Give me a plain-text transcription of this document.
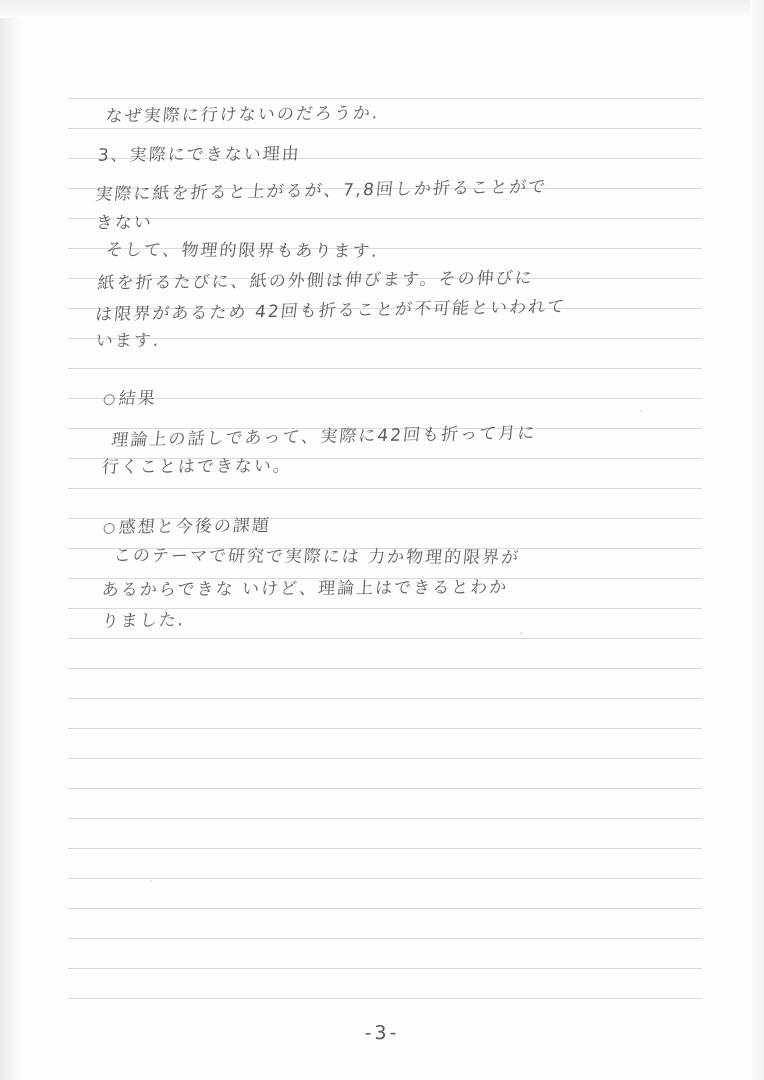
なぜ実際に行けないのだろうか.
3、実際にできない理由
実際に紙を折ると上がるが、7,8回しか折ることがで
きない
そして、物理的限界もあります.
紙を折るたびに、紙の外側は伸びます。その伸びに
は限界があるため 42回も折ることが不可能といわれて
います.
結果
理論上の話しであって、実際に42回も折って月に
行くことはできない。
感想と今後の課題
このテーマで研究で実際には 力か物理的限界が
あるからできな いけど、理論上はできるとわか
りました.
-3-
